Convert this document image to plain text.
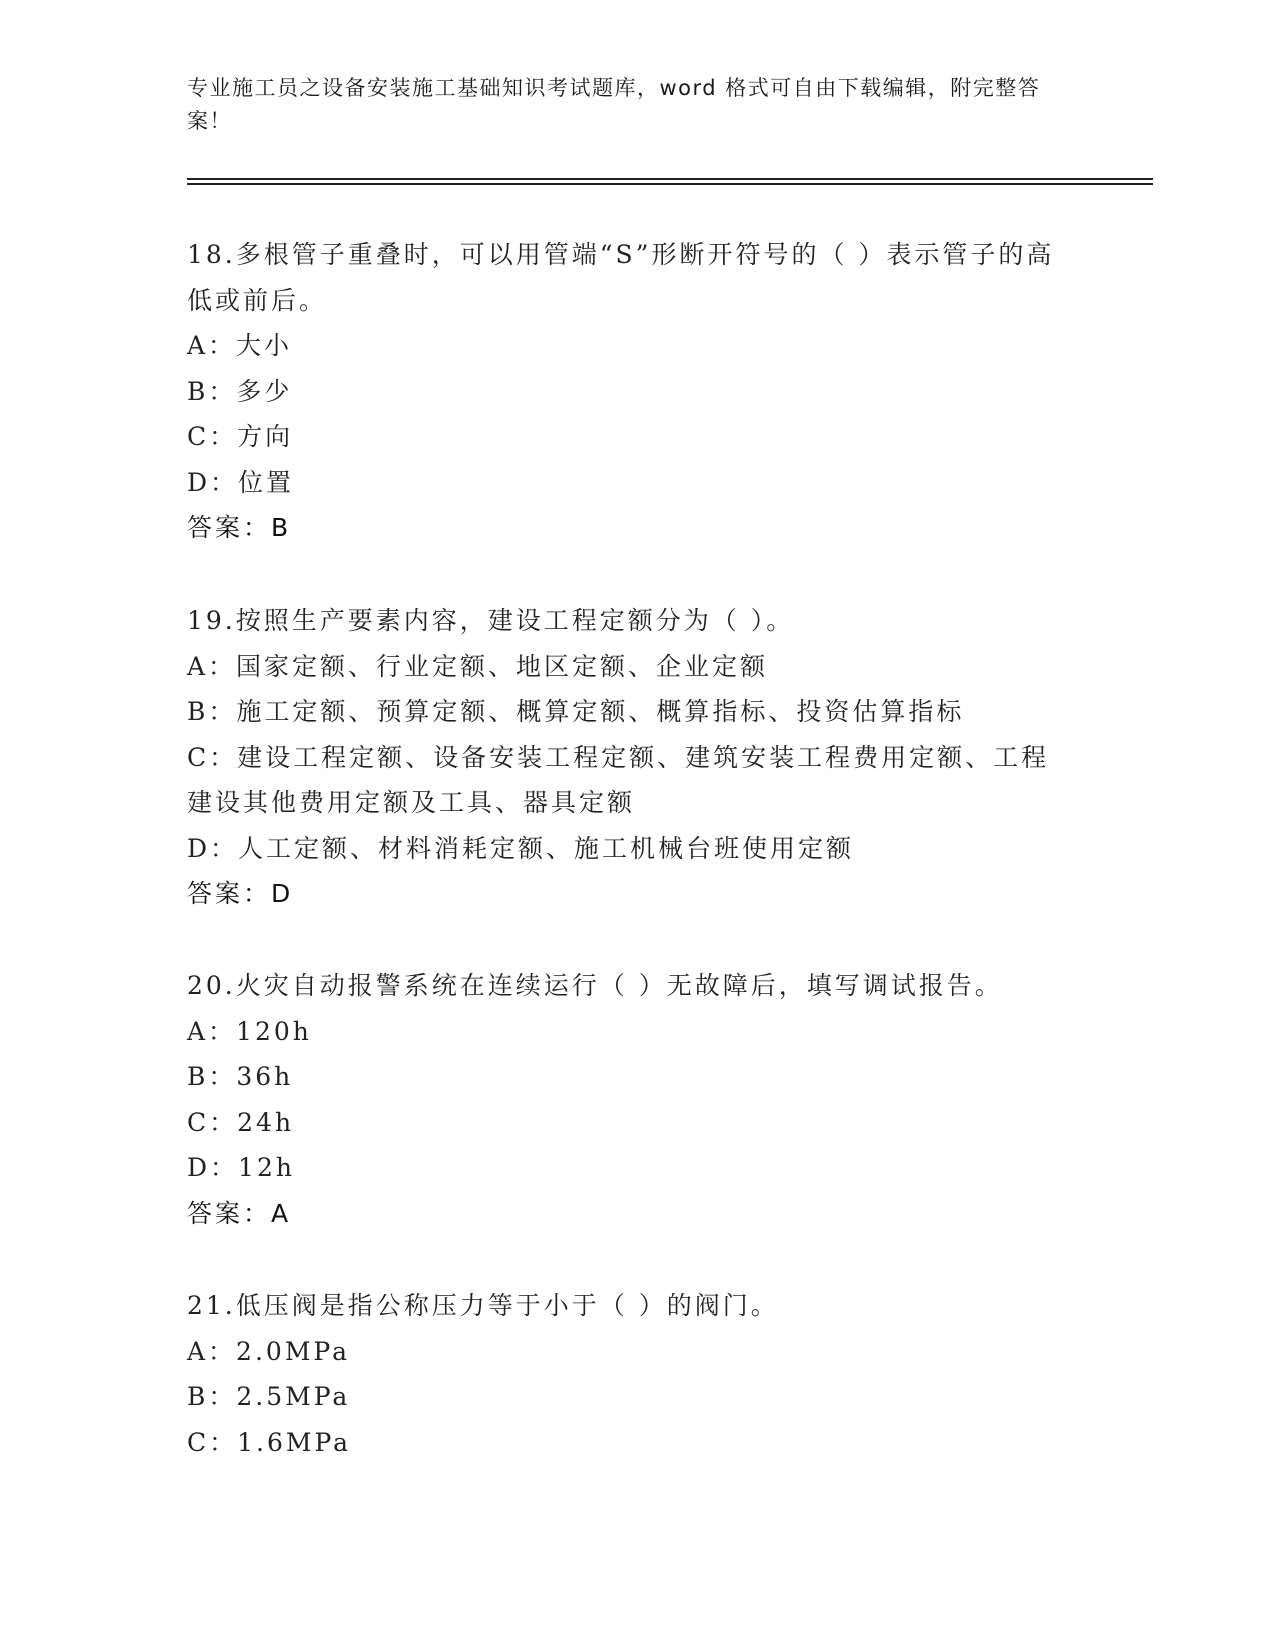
专业施工员之设备安装施工基础知识考试题库，word 格式可自由下载编辑，附完整答案！

18.多根管子重叠时，可以用管端“S”形断开符号的（ ）表示管子的高低或前后。

A：大小

B：多少

C：方向

D：位置

答案：B

19.按照生产要素内容，建设工程定额分为（ ）。

A：国家定额、行业定额、地区定额、企业定额

B：施工定额、预算定额、概算定额、概算指标、投资估算指标

C：建设工程定额、设备安装工程定额、建筑安装工程费用定额、工程建设其他费用定额及工具、器具定额

D：人工定额、材料消耗定额、施工机械台班使用定额

答案：D

20.火灾自动报警系统在连续运行（ ）无故障后，填写调试报告。

A：120h

B：36h

C：24h

D：12h

答案：A

21.低压阀是指公称压力等于小于（ ）的阀门。

A：2.0MPa

B：2.5MPa

C：1.6MPa
